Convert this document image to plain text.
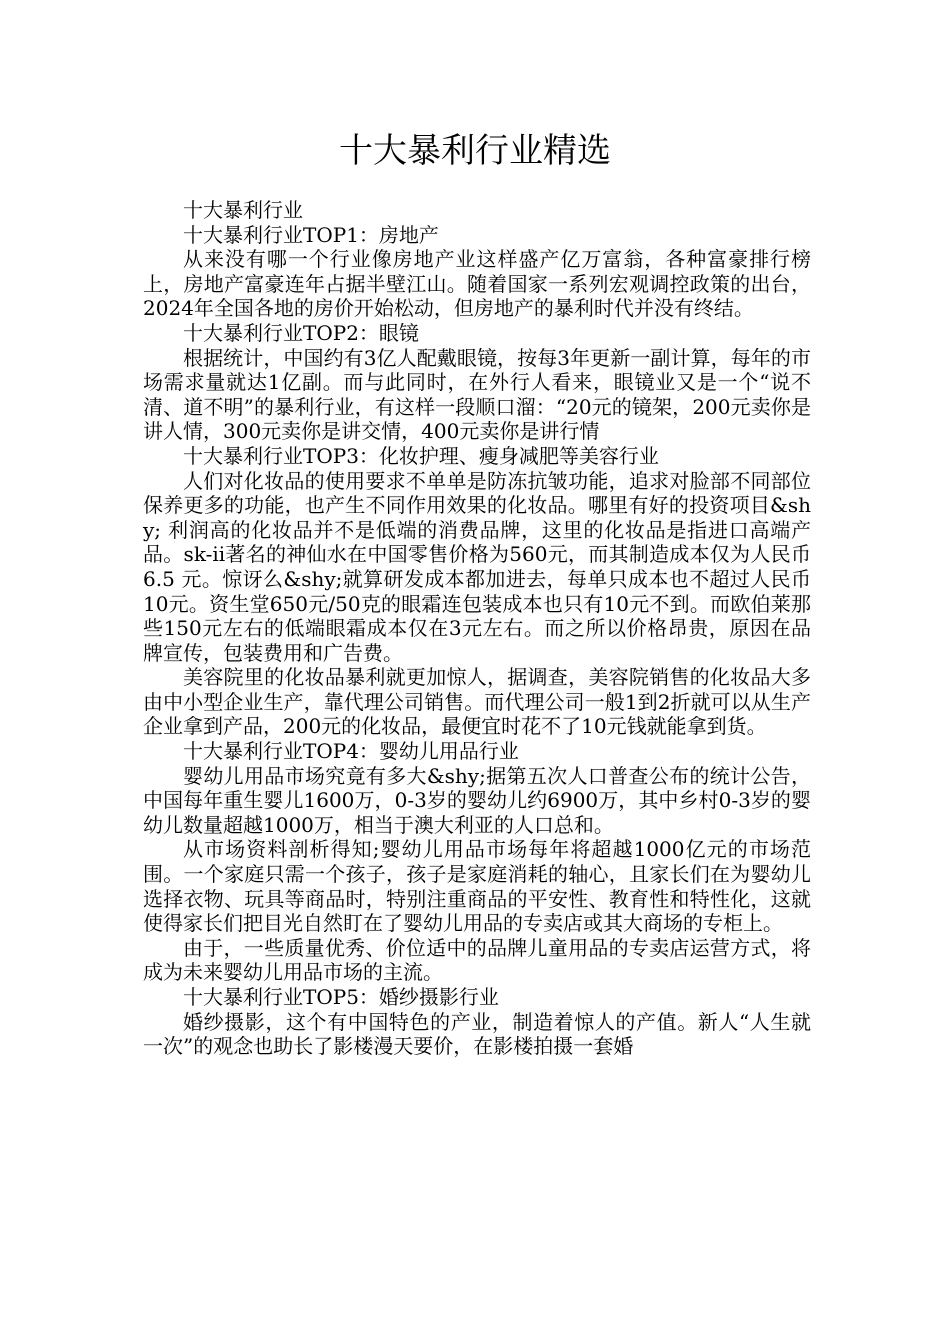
十大暴利行业精选

十大暴利行业

十大暴利行业TOP1：房地产

从来没有哪一个行业像房地产业这样盛产亿万富翁，各种富豪排行榜上，房地产富豪连年占据半壁江山。随着国家一系列宏观调控政策的出台，2024年全国各地的房价开始松动，但房地产的暴利时代并没有终结。

十大暴利行业TOP2：眼镜

根据统计，中国约有3亿人配戴眼镜，按每3年更新一副计算，每年的市场需求量就达1亿副。而与此同时，在外行人看来，眼镜业又是一个“说不清、道不明”的暴利行业，有这样一段顺口溜：“20元的镜架，200元卖你是讲人情，300元卖你是讲交情，400元卖你是讲行情

十大暴利行业TOP3：化妆护理、瘦身减肥等美容行业

人们对化妆品的使用要求不单单是防冻抗皱功能，追求对脸部不同部位保养更多的功能，也产生不同作用效果的化妆品。哪里有好的投资项目&shy; 利润高的化妆品并不是低端的消费品牌，这里的化妆品是指进口高端产品。sk-ii著名的神仙水在中国零售价格为560元，而其制造成本仅为人民币6.5 元。惊讶么&shy;就算研发成本都加进去，每单只成本也不超过人民币10元。资生堂650元/50克的眼霜连包装成本也只有10元不到。而欧伯莱那些150元左右的低端眼霜成本仅在3元左右。而之所以价格昂贵，原因在品牌宣传，包装费用和广告费。

美容院里的化妆品暴利就更加惊人，据调查，美容院销售的化妆品大多由中小型企业生产，靠代理公司销售。而代理公司一般1到2折就可以从生产企业拿到产品，200元的化妆品，最便宜时花不了10元钱就能拿到货。

十大暴利行业TOP4：婴幼儿用品行业

婴幼儿用品市场究竟有多大&shy;据第五次人口普查公布的统计公告，中国每年重生婴儿1600万，0-3岁的婴幼儿约6900万，其中乡村0-3岁的婴幼儿数量超越1000万，相当于澳大利亚的人口总和。

从市场资料剖析得知;婴幼儿用品市场每年将超越1000亿元的市场范围。一个家庭只需一个孩子，孩子是家庭消耗的轴心，且家长们在为婴幼儿选择衣物、玩具等商品时，特别注重商品的平安性、教育性和特性化，这就使得家长们把目光自然盯在了婴幼儿用品的专卖店或其大商场的专柜上。

由于，一些质量优秀、价位适中的品牌儿童用品的专卖店运营方式，将成为未来婴幼儿用品市场的主流。

十大暴利行业TOP5：婚纱摄影行业

婚纱摄影，这个有中国特色的产业，制造着惊人的产值。新人“人生就一次”的观念也助长了影楼漫天要价，在影楼拍摄一套婚
